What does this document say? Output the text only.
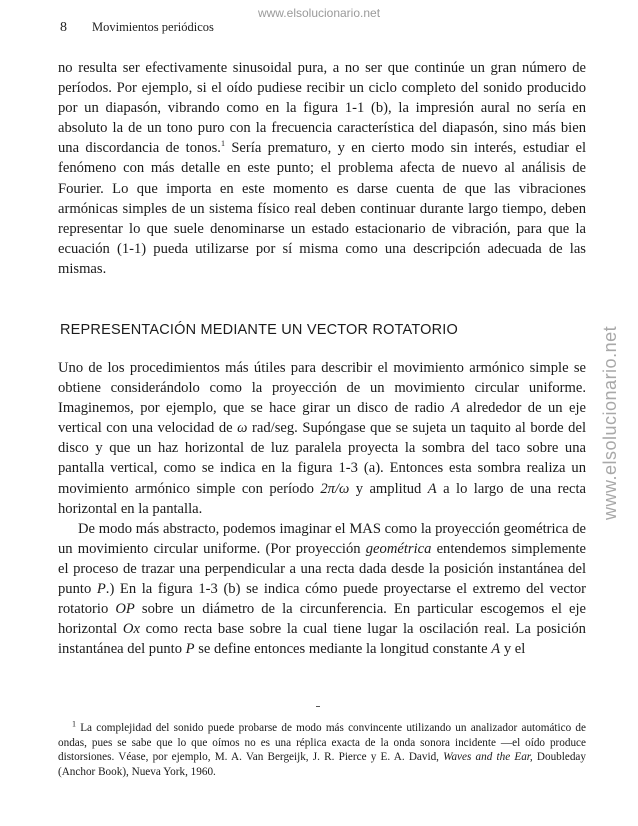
www.elsolucionario.net
www.elsolucionario.net
8 Movimientos periódicos

no resulta ser efectivamente sinusoidal pura, a no ser que continúe un gran número de períodos. Por ejemplo, si el oído pudiese recibir un ciclo completo del sonido producido por un diapasón, vibrando como en la figura 1-1 (b), la impresión aural no sería en absoluto la de un tono puro con la frecuencia característica del diapasón, sino más bien una discordancia de tonos.$^1$ Sería prematuro, y en cierto modo sin interés, estudiar el fenómeno con más detalle en este punto; el problema afecta de nuevo al análisis de Fourier. Lo que importa en este momento es darse cuenta de que las vibraciones armónicas simples de un sistema físico real deben continuar durante largo tiempo, deben representar lo que suele denominarse un estado estacionario de vibración, para que la ecuación (1-1) pueda utilizarse por sí misma como una descripción adecuada de las mismas.

REPRESENTACIÓN MEDIANTE UN VECTOR ROTATORIO

Uno de los procedimientos más útiles para describir el movimiento armónico simple se obtiene considerándolo como la proyección de un movimiento circular uniforme. Imaginemos, por ejemplo, que se hace girar un disco de radio A alrededor de un eje vertical con una velocidad de ω rad/seg. Supóngase que se sujeta un taquito al borde del disco y que un haz horizontal de luz paralela proyecta la sombra del taco sobre una pantalla vertical, como se indica en la figura 1-3 (a). Entonces esta sombra realiza un movimiento armónico simple con período 2π/ω y amplitud A a lo largo de una recta horizontal en la pantalla.

De modo más abstracto, podemos imaginar el MAS como la proyección geométrica de un movimiento circular uniforme. (Por proyección geométrica entendemos simplemente el proceso de trazar una perpendicular a una recta dada desde la posición instantánea del punto P.) En la figura 1-3 (b) se indica cómo puede proyectarse el extremo del vector rotatorio OP sobre un diámetro de la circunferencia. En particular escogemos el eje horizontal Ox como recta base sobre la cual tiene lugar la oscilación real. La posición instantánea del punto P se define entonces mediante la longitud constante A y el

$^1$ La complejidad del sonido puede probarse de modo más convincente utilizando un analizador automático de ondas, pues se sabe que lo que oímos no es una réplica exacta de la onda sonora incidente —el oído produce distorsiones. Véase, por ejemplo, M. A. Van Bergeijk, J. R. Pierce y E. A. David, Waves and the Ear, Doubleday (Anchor Book), Nueva York, 1960.
